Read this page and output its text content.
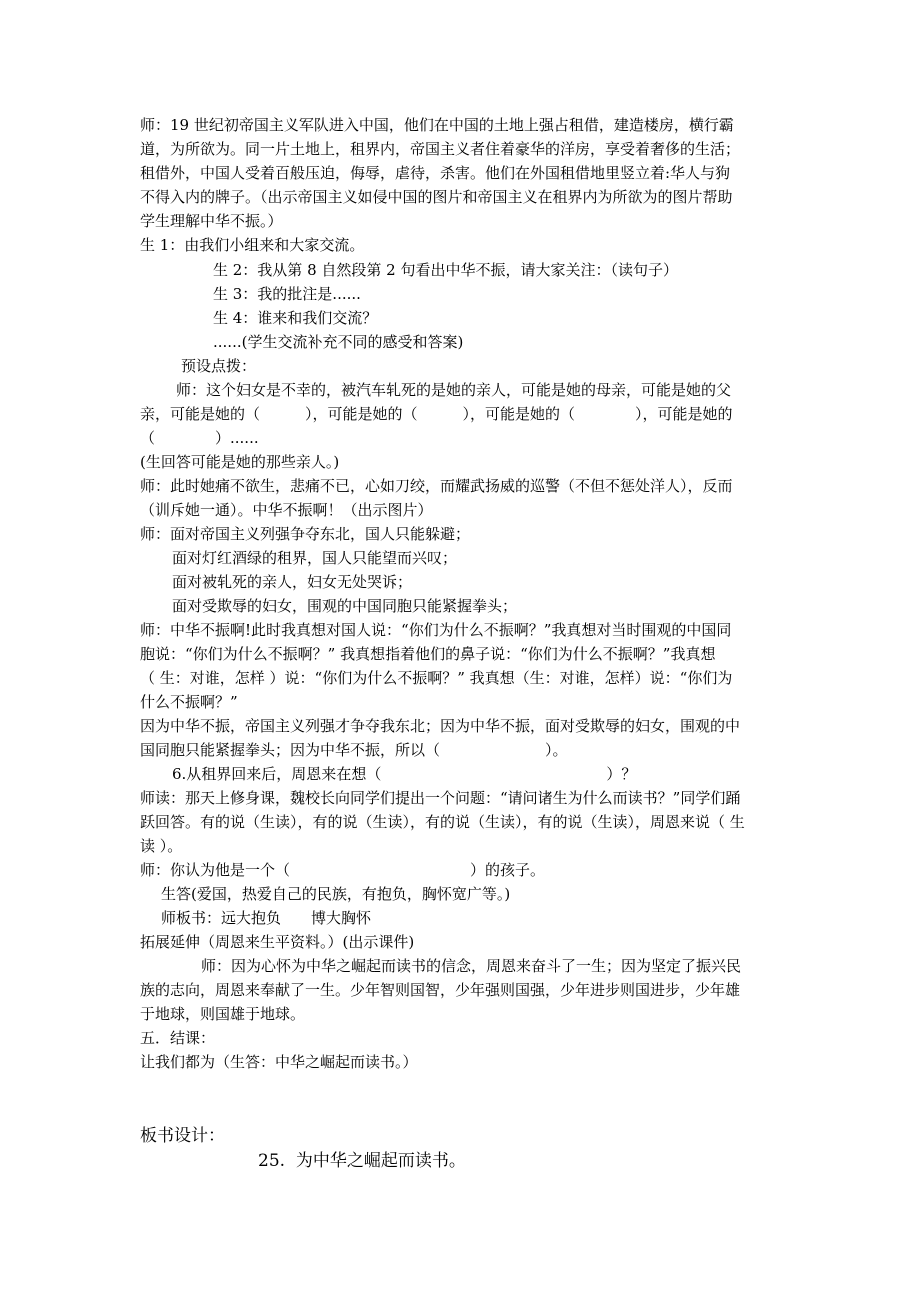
师：19 世纪初帝国主义军队进入中国，他们在中国的土地上强占租借，建造楼房，横行霸
道，为所欲为。同一片土地上，租界内，帝国主义者住着豪华的洋房，享受着奢侈的生活；
租借外，中国人受着百般压迫，侮辱，虐待，杀害。他们在外国租借地里竖立着:华人与狗
不得入内的牌子。（出示帝国主义如侵中国的图片和帝国主义在租界内为所欲为的图片帮助
学生理解中华不振。）
生 1：由我们小组来和大家交流。
生 2：我从第 8 自然段第 2 句看出中华不振，请大家关注：（读句子）
生 3：我的批注是......
生 4：谁来和我们交流？
......(学生交流补充不同的感受和答案)
预设点拨：
师：这个妇女是不幸的，被汽车轧死的是她的亲人，可能是她的母亲，可能是她的父
亲，可能是她的（　　　），可能是她的（　　　），可能是她的（　　　　），可能是她的
（　　　　）......
(生回答可能是她的那些亲人。)
师：此时她痛不欲生，悲痛不已，心如刀绞，而耀武扬威的巡警（不但不惩处洋人），反而
（训斥她一通）。中华不振啊！（出示图片）
师：面对帝国主义列强争夺东北，国人只能躲避；
面对灯红酒绿的租界，国人只能望而兴叹；
面对被轧死的亲人，妇女无处哭诉；
面对受欺辱的妇女，围观的中国同胞只能紧握拳头；
师：中华不振啊!此时我真想对国人说：“你们为什么不振啊？”我真想对当时围观的中国同
胞说：“你们为什么不振啊？” 我真想指着他们的鼻子说：“你们为什么不振啊？”我真想
（ 生：对谁，怎样 ）说：“你们为什么不振啊？” 我真想（生：对谁，怎样）说：“你们为
什么不振啊？”
因为中华不振，帝国主义列强才争夺我东北；因为中华不振，面对受欺辱的妇女，围观的中
国同胞只能紧握拳头；因为中华不振，所以（　　　　　　　）。
6.从租界回来后，周恩来在想（　　　　　　　　　　　　　　　）？
师读：那天上修身课，魏校长向同学们提出一个问题：“请问诸生为什么而读书？”同学们踊
跃回答。有的说（生读），有的说（生读），有的说（生读），有的说（生读），周恩来说（ 生
读 ）。
师：你认为他是一个（　　　　　　　　　　　　）的孩子。
生答(爱国，热爱自己的民族，有抱负，胸怀宽广等。)
师板书：远大抱负　　博大胸怀
拓展延伸（周恩来生平资料。）(出示课件)
师：因为心怀为中华之崛起而读书的信念，周恩来奋斗了一生；因为坚定了振兴民
族的志向，周恩来奉献了一生。少年智则国智，少年强则国强，少年进步则国进步，少年雄
于地球，则国雄于地球。
五．结课：
让我们都为（生答：中华之崛起而读书。）
板书设计：
25.  为中华之崛起而读书。
